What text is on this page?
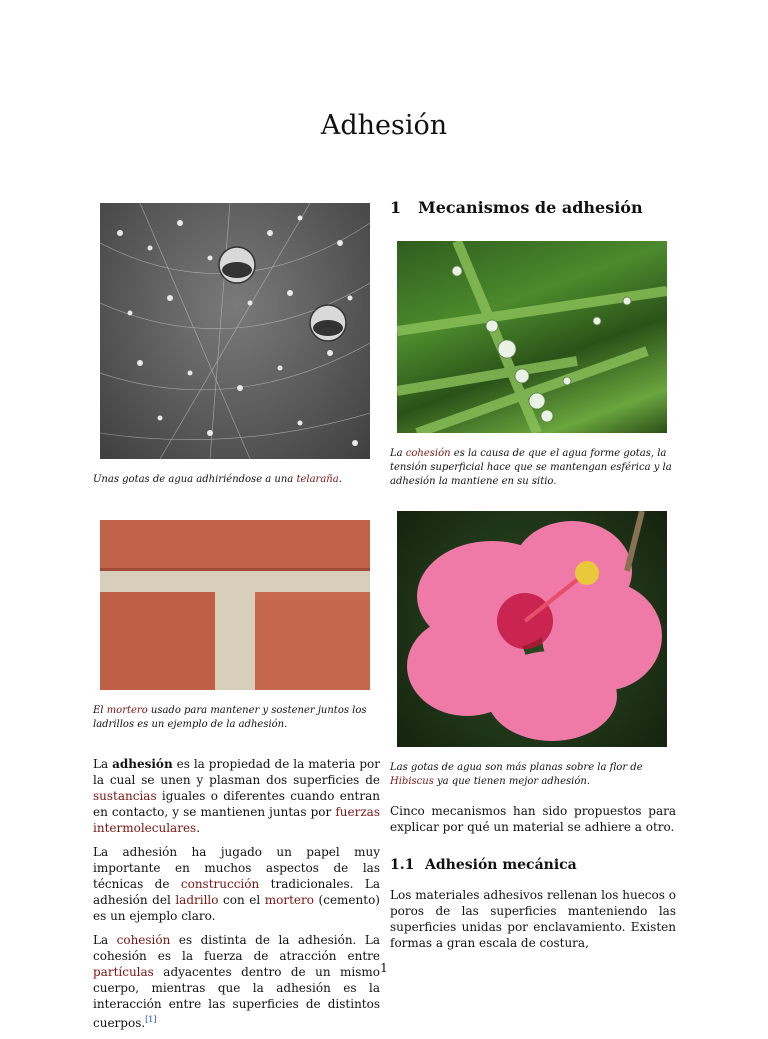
Adhesión

Unas gotas de agua adhiriéndose a una telaraña.

El mortero usado para mantener y sostener juntos los ladrillos es un ejemplo de la adhesión.

La adhesión es la propiedad de la materia por la cual se unen y plasman dos superficies de sustancias iguales o diferentes cuando entran en contacto, y se mantienen juntas por fuerzas intermoleculares.

La adhesión ha jugado un papel muy importante en muchos aspectos de las técnicas de construcción tradicionales. La adhesión del ladrillo con el mortero (cemento) es un ejemplo claro.

La cohesión es distinta de la adhesión. La cohesión es la fuerza de atracción entre partículas adyacentes dentro de un mismo cuerpo, mientras que la adhesión es la interacción entre las superficies de distintos cuerpos.[1]

1 Mecanismos de adhesión

La cohesión es la causa de que el agua forme gotas, la tensión superficial hace que se mantengan esférica y la adhesión la mantiene en su sitio.

Las gotas de agua son más planas sobre la flor de Hibiscus ya que tienen mejor adhesión.

Cinco mecanismos han sido propuestos para explicar por qué un material se adhiere a otro.

1.1 Adhesión mecánica

Los materiales adhesivos rellenan los huecos o poros de las superficies manteniendo las superficies unidas por enclavamiento. Existen formas a gran escala de costura,

1
